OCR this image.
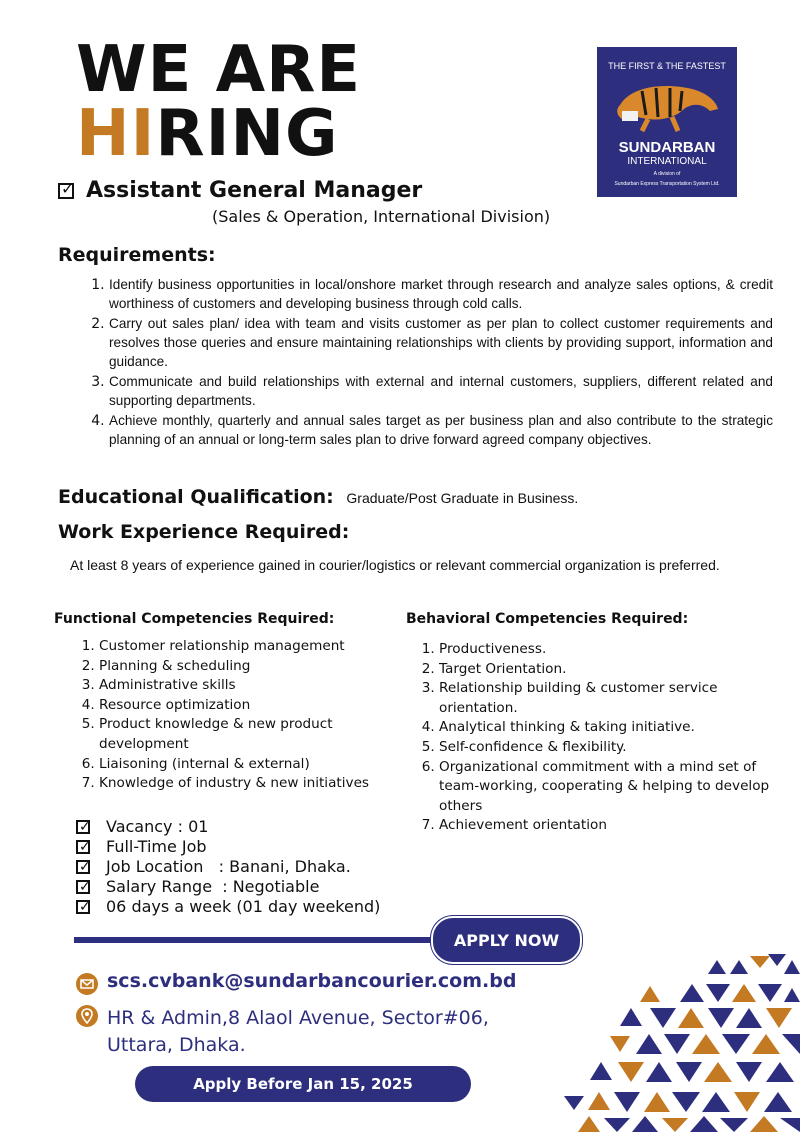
WE ARE
HIRING
THE FIRST & THE FASTEST
SUNDARBAN
INTERNATIONAL
A division of
Sundarban Express Transportation System Ltd.
✓
Assistant General Manager
(Sales & Operation, International Division)
Requirements:
1. Identify business opportunities in local/onshore market through research and analyze sales options, & credit worthiness of customers and developing business through cold calls.
2. Carry out sales plan/ idea with team and visits customer as per plan to collect customer requirements and resolves those queries and ensure maintaining relationships with clients by providing support, information and guidance.
3. Communicate and build relationships with external and internal customers, suppliers, different related and supporting departments.
4. Achieve monthly, quarterly and annual sales target as per business plan and also contribute to the strategic planning of an annual or long-term sales plan to drive forward agreed company objectives.
Educational Qualification: Graduate/Post Graduate in Business.
Work Experience Required:
At least 8 years of experience gained in courier/logistics or relevant commercial organization is preferred.
Functional Competencies Required:
1. Customer relationship management
2. Planning & scheduling
3. Administrative skills
4. Resource optimization
5. Product knowledge & new product development
6. Liaisoning (internal & external)
7. Knowledge of industry & new initiatives
Behavioral Competencies Required:
1. Productiveness.
2. Target Orientation.
3. Relationship building & customer service orientation.
4. Analytical thinking & taking initiative.
5. Self-confidence & flexibility.
6. Organizational commitment with a mind set of team-working, cooperating & helping to develop others
7. Achievement orientation
✓
Vacancy : 01
✓
Full-Time Job
✓
Job Location   : Banani, Dhaka.
✓
Salary Range  : Negotiable
✓
06 days a week (01 day weekend)
APPLY NOW
scs.cvbank@sundarbancourier.com.bd
HR & Admin,8 Alaol Avenue, Sector#06,
Uttara, Dhaka.
Apply Before Jan 15, 2025
